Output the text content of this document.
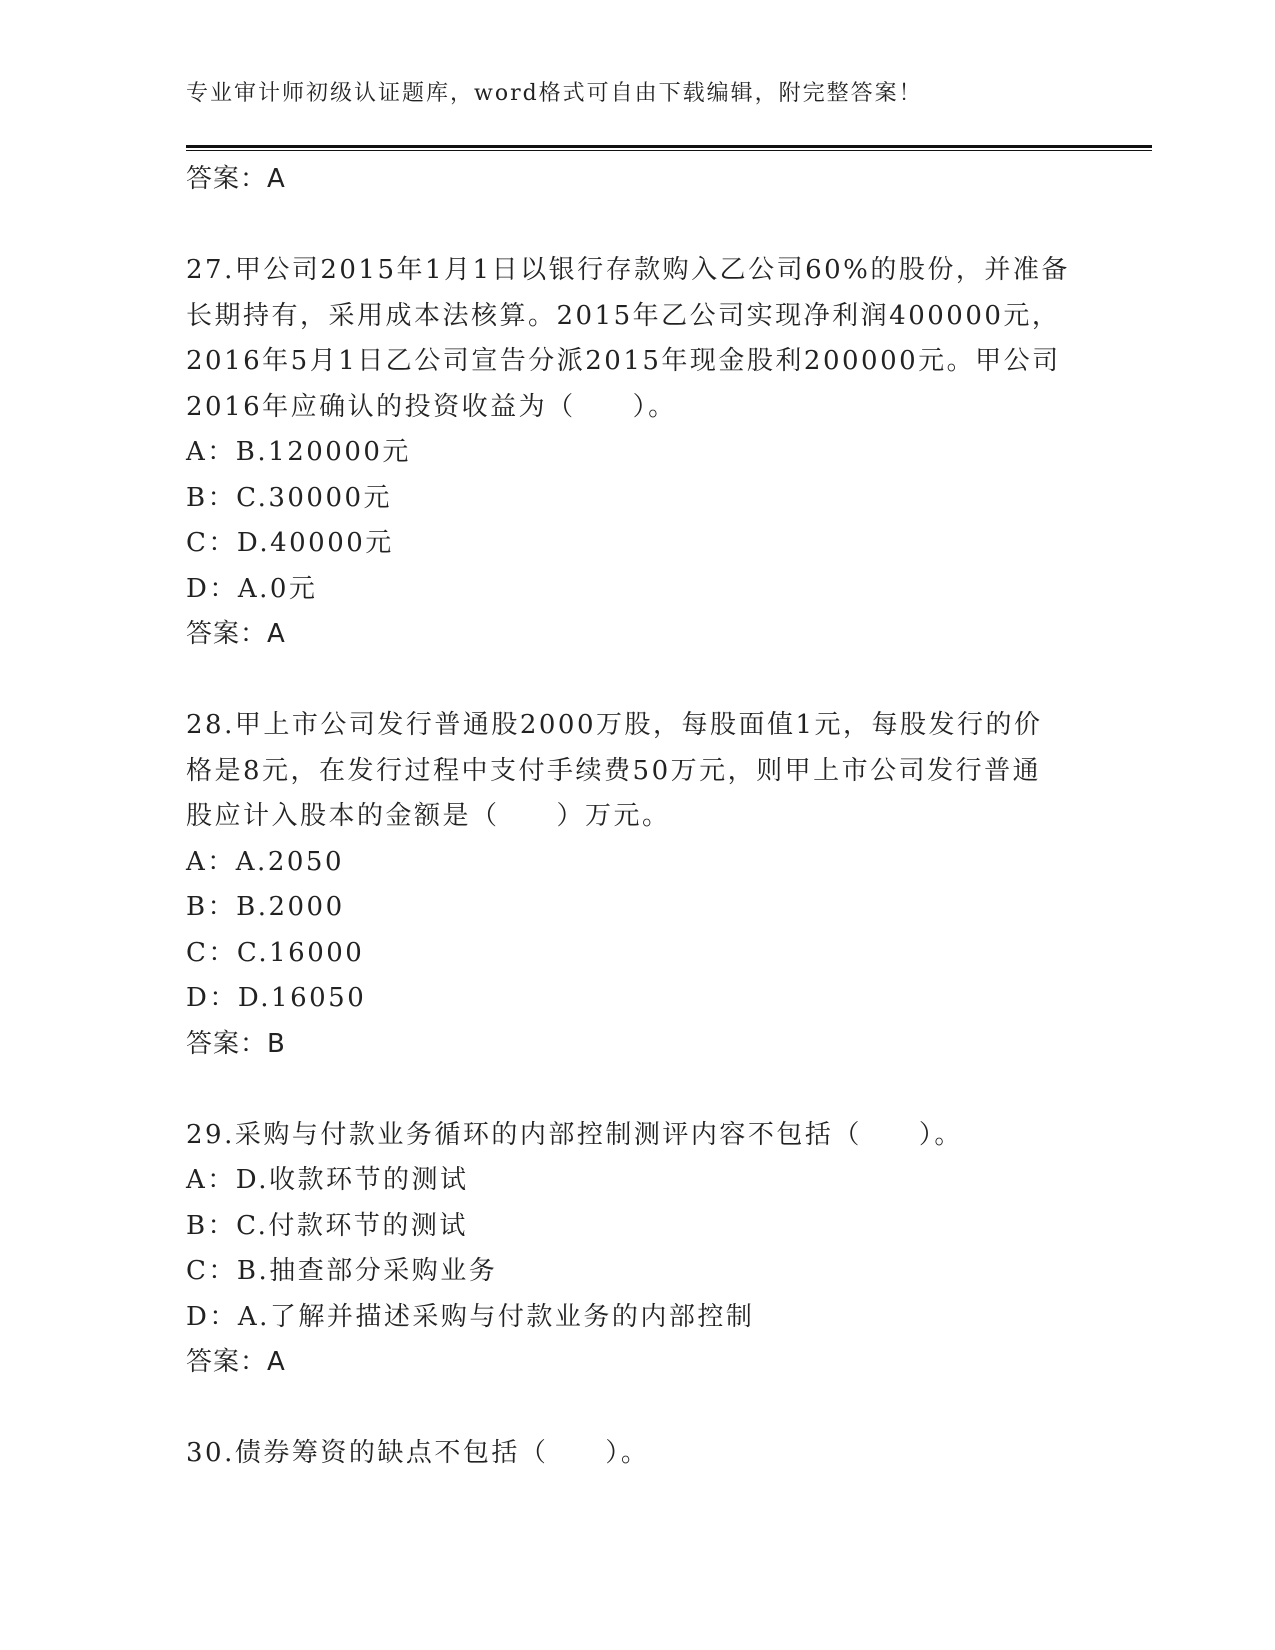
专业审计师初级认证题库，word格式可自由下载编辑，附完整答案！
答案：A
27.甲公司2015年1月1日以银行存款购入乙公司60%的股份，并准备
长期持有，采用成本法核算。2015年乙公司实现净利润400000元，
2016年5月1日乙公司宣告分派2015年现金股利200000元。甲公司
2016年应确认的投资收益为（　　）。
A：B.120000元
B：C.30000元
C：D.40000元
D：A.0元
答案：A
28.甲上市公司发行普通股2000万股，每股面值1元，每股发行的价
格是8元，在发行过程中支付手续费50万元，则甲上市公司发行普通
股应计入股本的金额是（　　）万元。
A：A.2050
B：B.2000
C：C.16000
D：D.16050
答案：B
29.采购与付款业务循环的内部控制测评内容不包括（　　）。
A：D.收款环节的测试
B：C.付款环节的测试
C：B.抽查部分采购业务
D：A.了解并描述采购与付款业务的内部控制
答案：A
30.债券筹资的缺点不包括（　　）。
